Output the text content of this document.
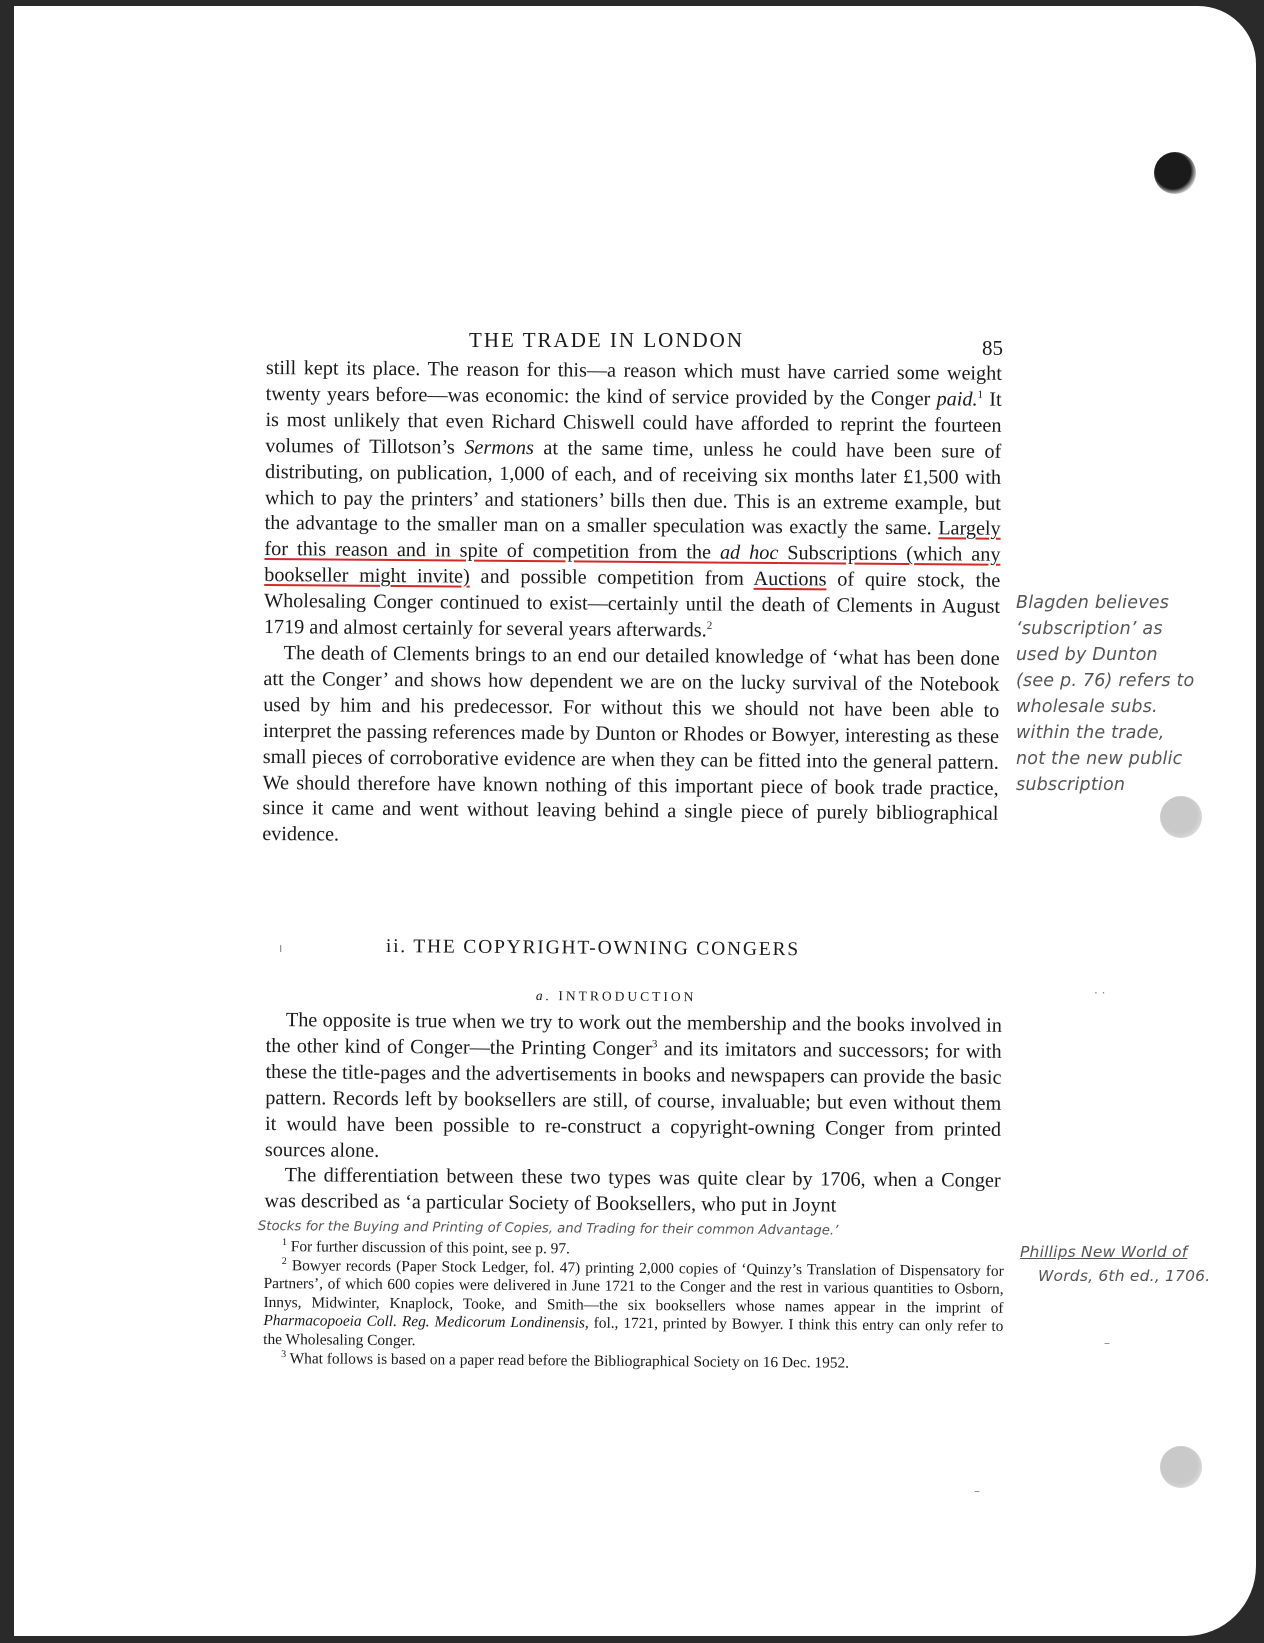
THE TRADE IN LONDON	85

still kept its place. The reason for this—a reason which must have carried some weight twenty years before—was economic: the kind of service provided by the Conger paid.$^1$ It is most unlikely that even Richard Chiswell could have afforded to reprint the fourteen volumes of Tillotson’s Sermons at the same time, unless he could have been sure of distributing, on publication, 1,000 of each, and of receiving six months later £1,500 with which to pay the printers’ and stationers’ bills then due. This is an extreme example, but the advantage to the smaller man on a smaller speculation was exactly the same. Largely for this reason and in spite of competition from the ad hoc Subscriptions (which any bookseller might invite) and possible competition from Auctions of quire stock, the Wholesaling Conger continued to exist—certainly until the death of Clements in August 1719 and almost certainly for several years afterwards.$^2$

The death of Clements brings to an end our detailed knowledge of ‘what has been done att the Conger’ and shows how dependent we are on the lucky survival of the Notebook used by him and his predecessor. For without this we should not have been able to interpret the passing references made by Dunton or Rhodes or Bowyer, interesting as these small pieces of corroborative evidence are when they can be fitted into the general pattern. We should therefore have known nothing of this important piece of book trade practice, since it came and went without leaving behind a single piece of purely bibliographical evidence.

ii. THE COPYRIGHT-OWNING CONGERS
a. INTRODUCTION

The opposite is true when we try to work out the membership and the books involved in the other kind of Conger—the Printing Conger$^3$ and its imitators and successors; for with these the title-pages and the advertisements in books and newspapers can provide the basic pattern. Records left by booksellers are still, of course, invaluable; but even without them it would have been possible to re-construct a copyright-owning Conger from printed sources alone.

The differentiation between these two types was quite clear by 1706, when a Conger was described as ‘a particular Society of Booksellers, who put in Joynt

Stocks for the Buying and Printing of Copies, and Trading for their common Advantage.’
Blagden believes
‘subscription’ as
used by Dunton
(see p. 76) refers to
wholesale subs.
within the trade,
not the new public
subscription
Phillips New World of
Words, 6th ed., 1706.

$^1$ For further discussion of this point, see p. 97.

$^2$ Bowyer records (Paper Stock Ledger, fol. 47) printing 2,000 copies of ‘Quinzy’s Translation of Dispensatory for Partners’, of which 600 copies were delivered in June 1721 to the Conger and the rest in various quantities to Osborn, Innys, Midwinter, Knaplock, Tooke, and Smith—the six booksellers whose names appear in the imprint of Pharmacopoeia Coll. Reg. Medicorum Londinensis, fol., 1721, printed by Bowyer. I think this entry can only refer to the Wholesaling Conger.

$^3$ What follows is based on a paper read before the Bibliographical Society on 16 Dec. 1952.

ı
· ·
–
–
